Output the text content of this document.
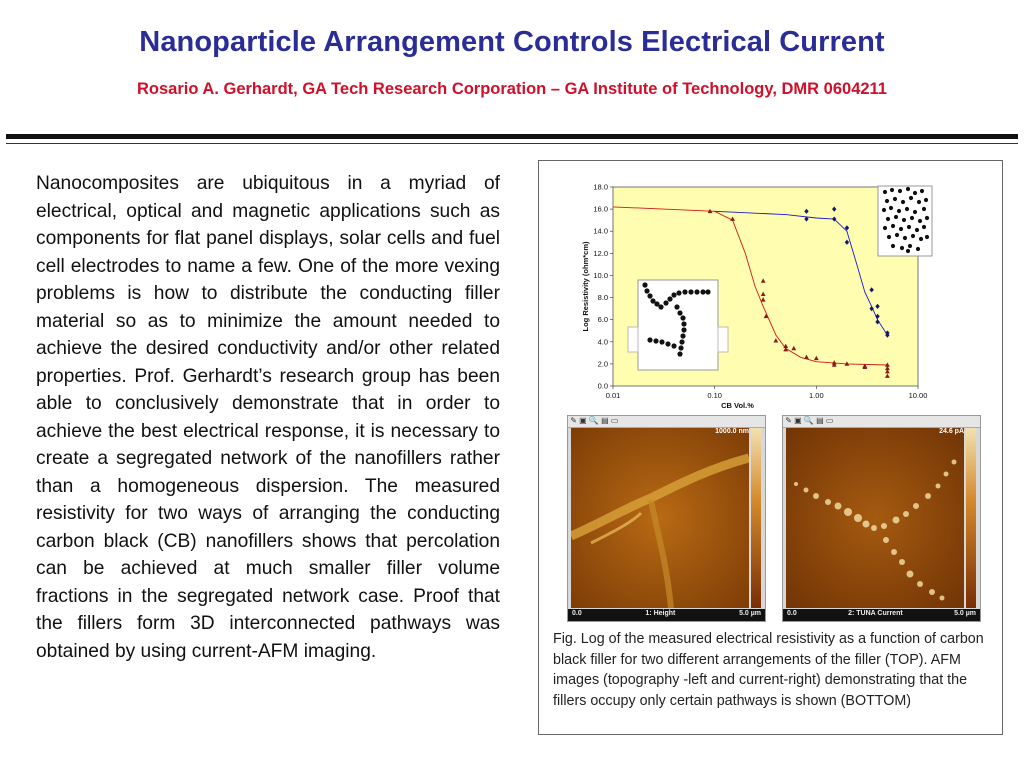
Nanoparticle Arrangement Controls Electrical Current
Rosario A. Gerhardt, GA Tech Research Corporation – GA Institute of Technology, DMR 0604211
Nanocomposites are ubiquitous in a myriad of electrical, optical and magnetic applications such as components for flat panel displays, solar cells and fuel cell electrodes to name a few. One of the more vexing problems is how to distribute the conducting filler material so as to minimize the amount needed to achieve the desired conductivity and/or other related properties. Prof. Gerhardt’s research group has been able to conclusively demonstrate that in order to achieve the best electrical response, it is necessary to create a segregated network of the nanofillers rather than a homogeneous dispersion. The measured resistivity for two ways of arranging the conducting carbon black (CB) nanofillers shows that percolation can be achieved at much smaller filler volume fractions in the segregated network case. Proof that the fillers form 3D interconnected pathways was obtained by using current-AFM imaging.
0.0
2.0
4.0
6.0
8.0
10.0
12.0
14.0
16.0
18.0
0.01	0.10	1.00	10.00
CB Vol.%
Log Resistivity (ohm*cm)
✎ ▣ 🔍 ▤ ▭
1000.0 nm
0.0	1: Height	5.0 µm
✎ ▣ 🔍 ▤ ▭
24.6 pA
0.0	2: TUNA Current	5.0 µm
Fig. Log of the measured electrical resistivity as a function of carbon black filler for two different arrangements of the filler (TOP). AFM images (topography -left and current-right) demonstrating that the fillers occupy only certain pathways is shown (BOTTOM)
